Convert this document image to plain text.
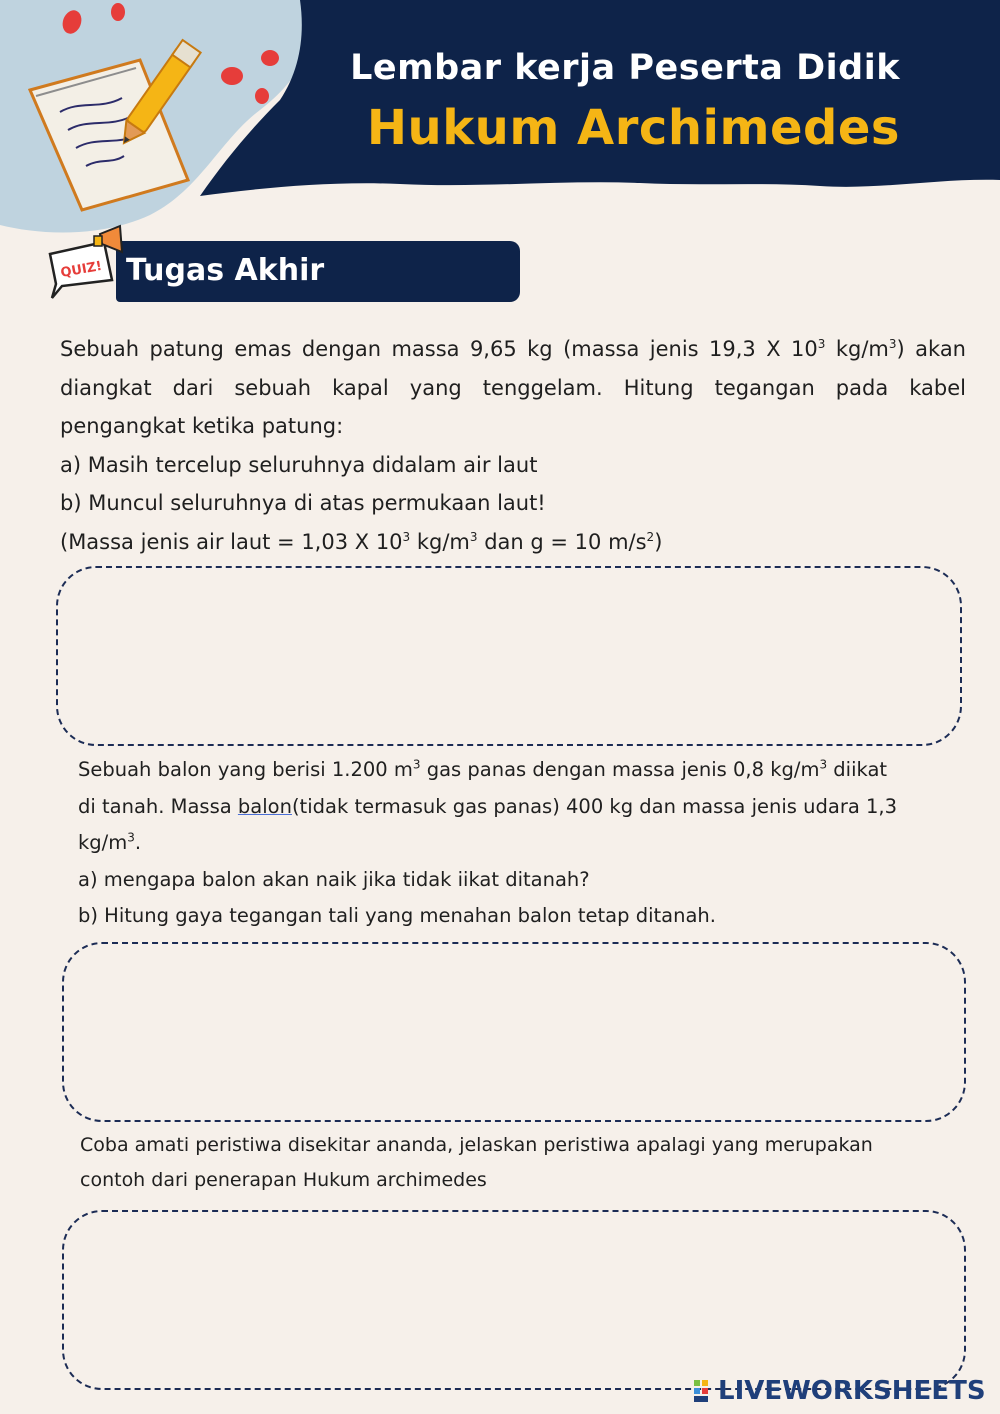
Lembar kerja Peserta Didik
Hukum Archimedes
Tugas Akhir
QUIZ!
Sebuah patung emas dengan massa 9,65 kg (massa jenis 19,3 X $10^3$ $kg/m^3$) akan
diangkat dari sebuah kapal yang tenggelam. Hitung tegangan pada kabel
pengangkat ketika patung:
a) Masih tercelup seluruhnya didalam air laut
b) Muncul seluruhnya di atas permukaan laut!
(Massa jenis air laut = 1,03 X $10^3$ $kg/m^3$ dan g = 10 $m/s^2$)
Sebuah balon yang berisi 1.200 $m^3$ gas panas dengan massa jenis 0,8 $kg/m^3$ diikat
di tanah. Massa balon(tidak termasuk gas panas) 400 kg dan massa jenis udara 1,3
$kg/m^3$.
a) mengapa balon akan naik jika tidak iikat ditanah?
b) Hitung gaya tegangan tali yang menahan balon tetap ditanah.
Coba amati peristiwa disekitar ananda, jelaskan peristiwa apalagi yang merupakan
contoh dari penerapan Hukum archimedes
LIVEWORKSHEETS
